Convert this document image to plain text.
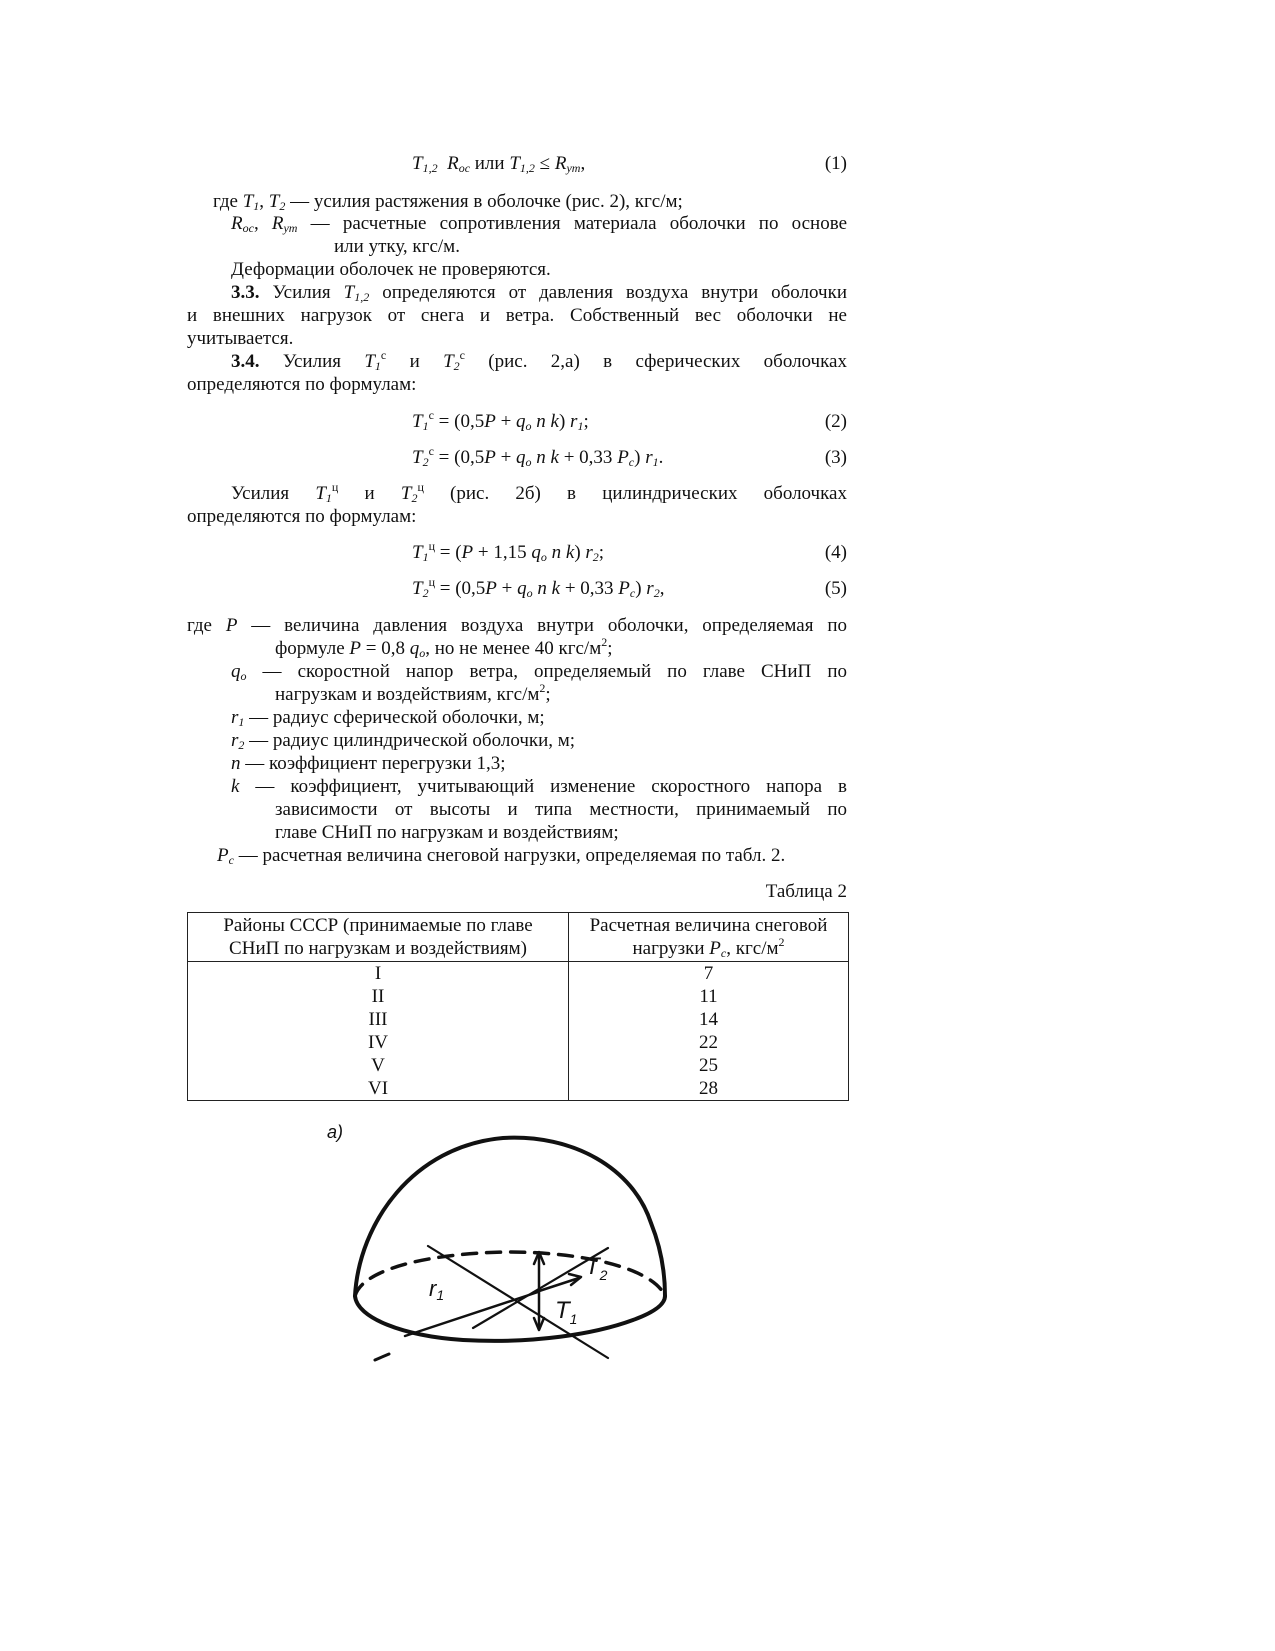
$T_{1,2}$ $R_{ос}$ или $T_{1,2} \le R_{ут}$,	(1)
где $T_1$, $T_2$ — усилия растяжения в оболочке (рис. 2), кгс/м;
$R_{ос}$, $R_{ут}$ — расчетные сопротивления материала оболочки по основе
или утку, кгс/м.
Деформации оболочек не проверяются.
3.3. Усилия $T_{1,2}$ определяются от давления воздуха внутри оболочки
и внешних нагрузок от снега и ветра. Собственный вес оболочки не
учитывается.
3.4. Усилия $T_1^с$ и $T_2^с$ (рис. 2,а) в сферических оболочках
определяются по формулам:
$T_1^с = (0,5P + q_o$ n k) $r_1$;	(2)
$T_2^с = (0,5P + q_o$ n k + 0,33 $P_c$) $r_1$.	(3)
Усилия $T_1^ц$ и $T_2^ц$ (рис. 2б) в цилиндрических оболочках
определяются по формулам:
$T_1^ц = (P + 1,15$ $q_o$ n k) $r_2$;	(4)
$T_2^ц = (0,5P + q_o$ n k + 0,33 $P_c$) $r_2$,	(5)
где P — величина давления воздуха внутри оболочки, определяемая по
формуле P = 0,8 $q_o$, но не менее 40 кгс/$м^2$;
$q_o$ — скоростной напор ветра, определяемый по главе СНиП по
нагрузкам и воздействиям, кгс/$м^2$;
$r_1$ — радиус сферической оболочки, м;
$r_2$ — радиус цилиндрической оболочки, м;
n — коэффициент перегрузки 1,3;
k — коэффициент, учитывающий изменение скоростного напора в
зависимости от высоты и типа местности, принимаемый по
главе СНиП по нагрузкам и воздействиям;
$P_c$ — расчетная величина снеговой нагрузки, определяемая по табл. 2.
Таблица 2
Районы СССР (принимаемые по главе
СНиП по нагрузкам и воздействиям)	Расчетная величина снеговой
нагрузки $P_c$, кгс/$м^2$
I	7
II	11
III	14
IV	22
V	25
VI	28
a)
r1
$T_1$
$T_2$
